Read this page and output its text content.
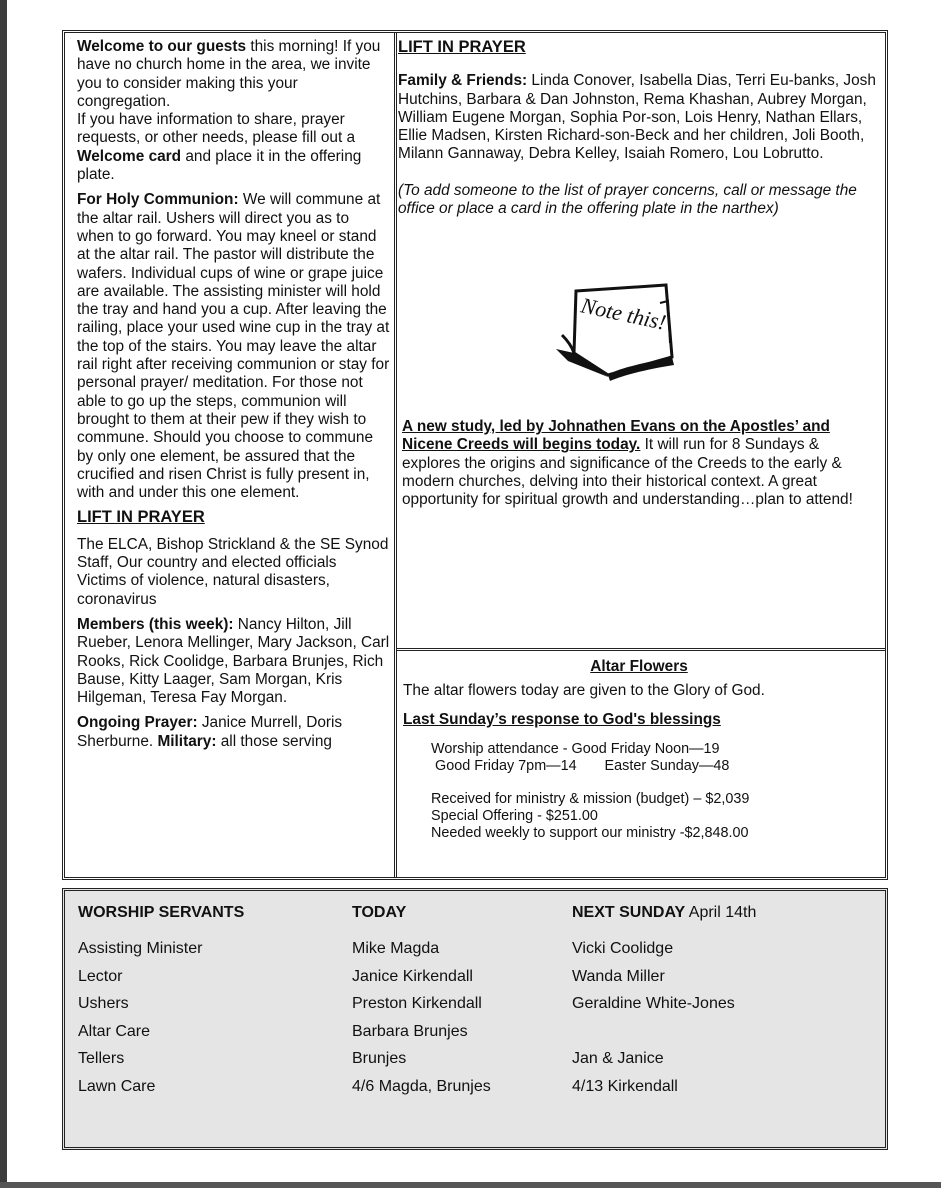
Welcome to our guests this morning! If you have no church home in the area, we invite you to consider making this your congregation.

If you have information to share, prayer requests, or other needs, please fill out a Welcome card and place it in the offering plate.

For Holy Communion: We will commune at the altar rail. Ushers will direct you as to when to go forward. You may kneel or stand at the altar rail. The pastor will distribute the wafers. Individual cups of wine or grape juice are available. The assisting minister will hold the tray and hand you a cup. After leaving the railing, place your used wine cup in the tray at the top of the stairs. You may leave the altar rail right after receiving communion or stay for personal prayer/ meditation. For those not able to go up the steps, communion will brought to them at their pew if they wish to commune. Should you choose to commune by only one element, be assured that the crucified and risen Christ is fully present in, with and under this one element.

LIFT IN PRAYER

The ELCA, Bishop Strickland & the SE Synod Staff, Our country and elected officials Victims of violence, natural disasters, coronavirus

Members (this week): Nancy Hilton, Jill Rueber, Lenora Mellinger, Mary Jackson, Carl Rooks, Rick Coolidge, Barbara Brunjes, Rich Bause, Kitty Laager, Sam Morgan, Kris Hilgeman, Teresa Fay Morgan.

Ongoing Prayer: Janice Murrell, Doris Sherburne. Military: all those serving

LIFT IN PRAYER

Family & Friends: Linda Conover, Isabella Dias, Terri Eu-banks, Josh Hutchins, Barbara & Dan Johnston, Rema Khashan, Aubrey Morgan, William Eugene Morgan, Sophia Por-son, Lois Henry, Nathan Ellars, Ellie Madsen, Kirsten Richard-son-Beck and her children, Joli Booth, Milann Gannaway, Debra Kelley, Isaiah Romero, Lou Lobrutto.

(To add someone to the list of prayer concerns, call or message the office or place a card in the offering plate in the narthex)

Note this!
A new study, led by Johnathen Evans on the Apostles’ and Nicene Creeds will begins today. It will run for 8 Sundays & explores the origins and significance of the Creeds to the early & modern churches, delving into their historical context. A great opportunity for spiritual growth and understanding…plan to attend!
Altar Flowers

The altar flowers today are given to the Glory of God.

Last Sunday’s response to God's blessings

Worship attendance - Good Friday Noon—19

Good Friday 7pm—14       Easter Sunday—48

Received for ministry & mission (budget) – $2,039

Special Offering - $251.00

Needed weekly to support our ministry -$2,848.00

WORSHIP SERVANTS	TODAY	NEXT SUNDAY April 14th
Assisting Minister	Mike Magda	Vicki Coolidge
Lector	Janice Kirkendall	Wanda Miller
Ushers	Preston Kirkendall	Geraldine White-Jones
Altar Care	Barbara Brunjes
Tellers	Brunjes	Jan & Janice
Lawn Care	4/6 Magda, Brunjes	4/13 Kirkendall
